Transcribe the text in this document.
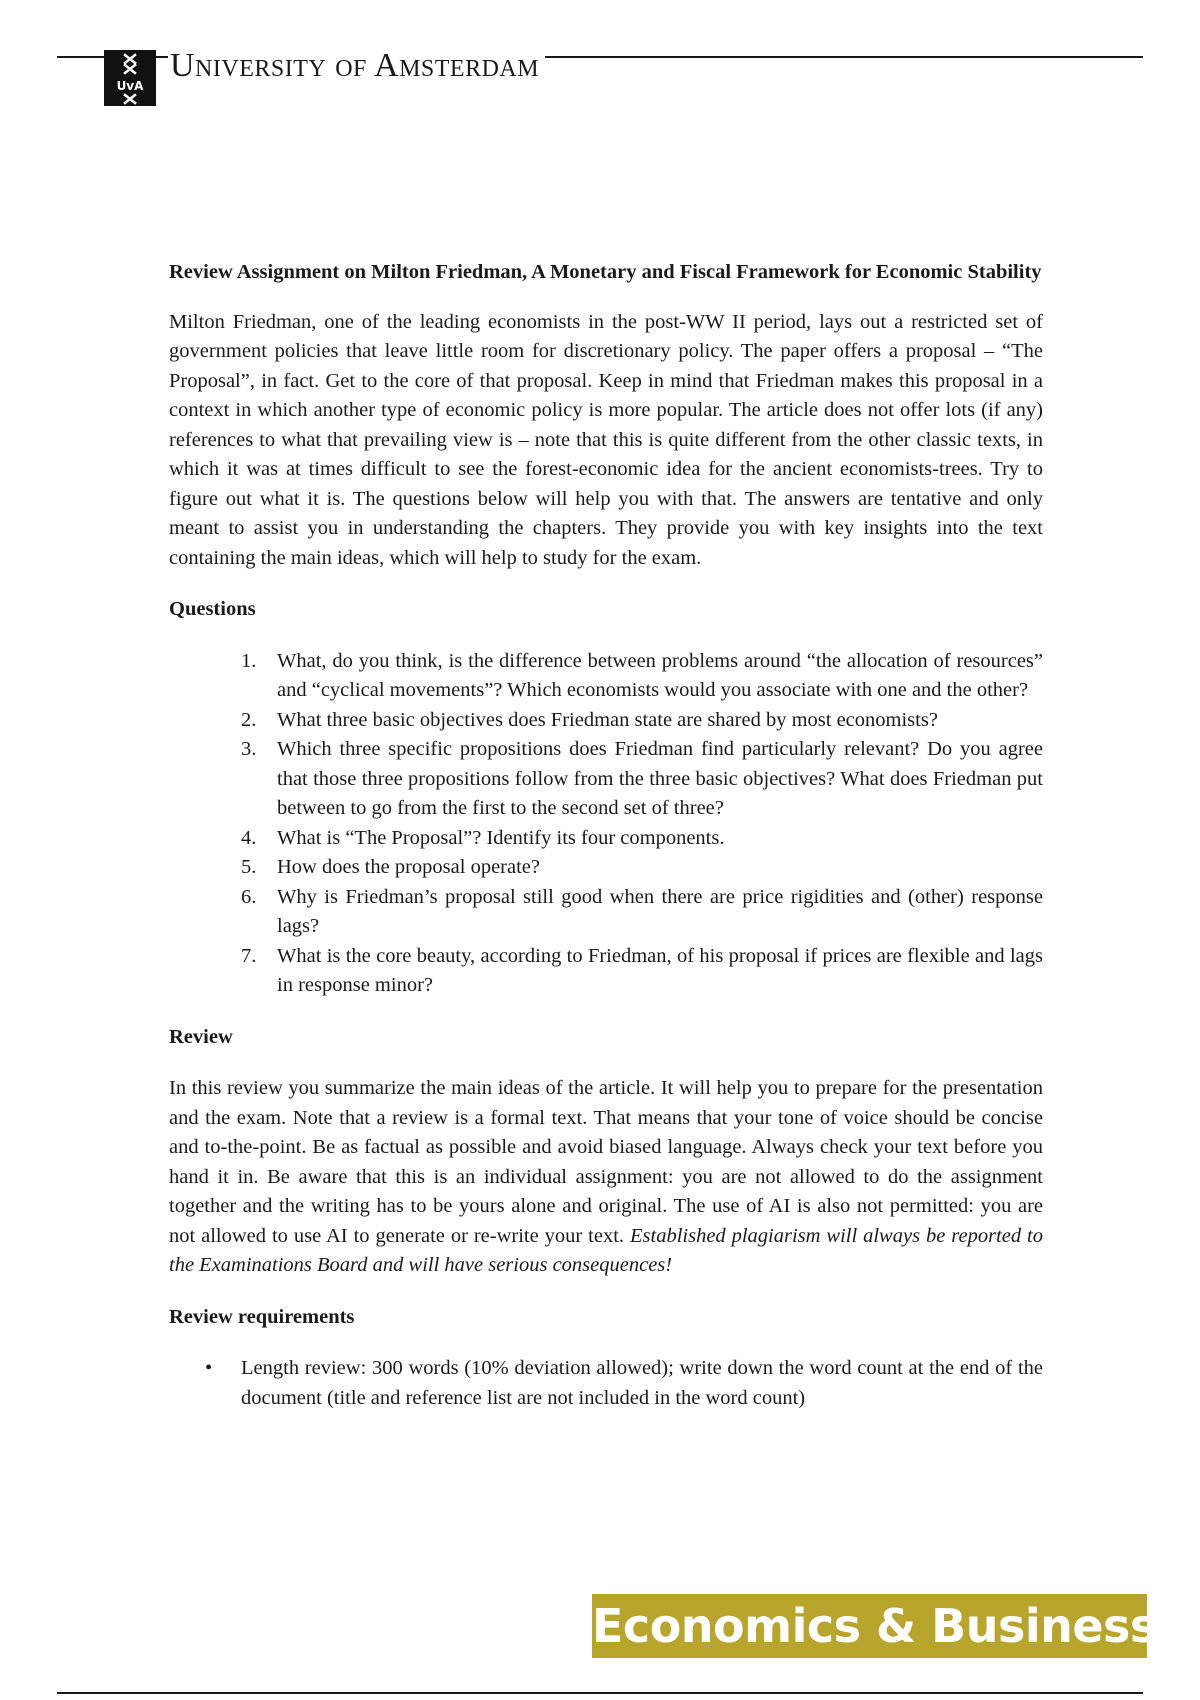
UvA
University of Amsterdam

Review Assignment on Milton Friedman, A Monetary and Fiscal Framework for Economic Stability

Milton Friedman, one of the leading economists in the post-WW II period, lays out a restricted set of government policies that leave little room for discretionary policy. The paper offers a proposal – “The Proposal”, in fact. Get to the core of that proposal. Keep in mind that Friedman makes this proposal in a context in which another type of economic policy is more popular. The article does not offer lots (if any) references to what that prevailing view is – note that this is quite different from the other classic texts, in which it was at times difficult to see the forest-economic idea for the ancient economists-trees. Try to figure out what it is. The questions below will help you with that. The answers are tentative and only meant to assist you in understanding the chapters. They provide you with key insights into the text containing the main ideas, which will help to study for the exam.

Questions

1.	What, do you think, is the difference between problems around “the allocation of resources” and “cyclical movements”? Which economists would you associate with one and the other?
2.	What three basic objectives does Friedman state are shared by most economists?
3.	Which three specific propositions does Friedman find particularly relevant? Do you agree that those three propositions follow from the three basic objectives? What does Friedman put between to go from the first to the second set of three?
4.	What is “The Proposal”? Identify its four components.
5.	How does the proposal operate?
6.	Why is Friedman’s proposal still good when there are price rigidities and (other) response lags?
7.	What is the core beauty, according to Friedman, of his proposal if prices are flexible and lags in response minor?

Review

In this review you summarize the main ideas of the article. It will help you to prepare for the presentation and the exam. Note that a review is a formal text. That means that your tone of voice should be concise and to-the-point. Be as factual as possible and avoid biased language. Always check your text before you hand it in. Be aware that this is an individual assignment: you are not allowed to do the assignment together and the writing has to be yours alone and original. The use of AI is also not permitted: you are not allowed to use AI to generate or re-write your text. Established plagiarism will always be reported to the Examinations Board and will have serious consequences!

Review requirements

• Length review: 300 words (10% deviation allowed); write down the word count at the end of the document (title and reference list are not included in the word count)
Economics & Business
